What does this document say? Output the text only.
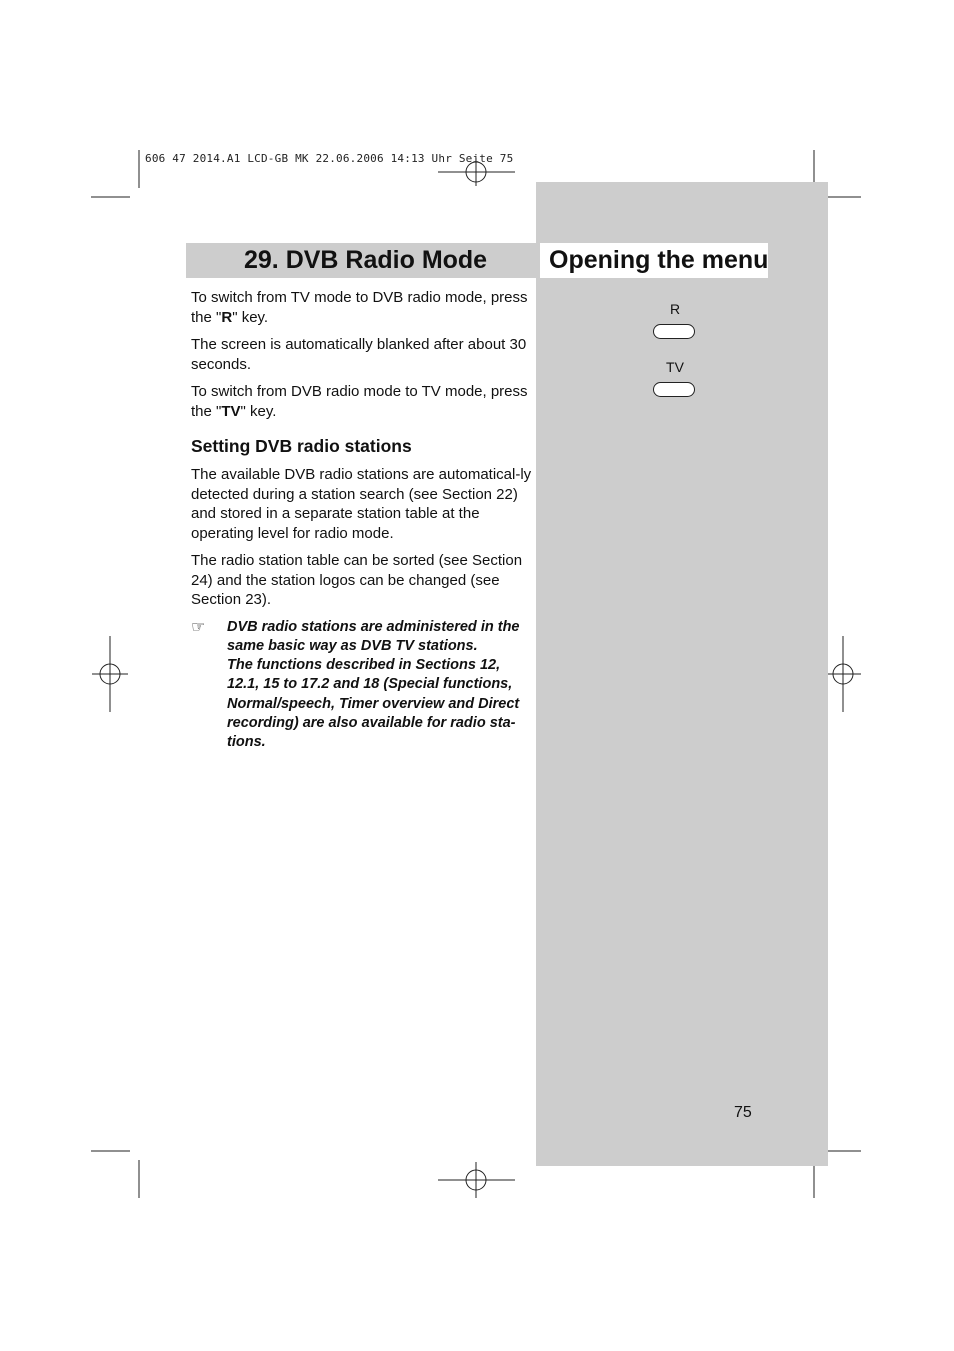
606 47 2014.A1 LCD-GB MK 22.06.2006 14:13 Uhr Seite 75
29. DVB Radio Mode	Opening the menu

To switch from TV mode to DVB radio mode, press the "R" key.

The screen is automatically blanked after about 30 seconds.

To switch from DVB radio mode to TV mode, press the "TV" key.

Setting DVB radio stations

The available DVB radio stations are automatical-ly detected during a station search (see Section 22) and stored in a separate station table at the operating level for radio mode.

The radio station table can be sorted (see Section 24) and the station logos can be changed (see Section 23).

☞	DVB radio stations are administered in the same basic way as DVB TV stations.
The functions described in Sections 12, 12.1, 15 to 17.2 and 18 (Special functions, Normal/speech, Timer overview and Direct recording) are also available for radio sta-tions.
R
TV
75
